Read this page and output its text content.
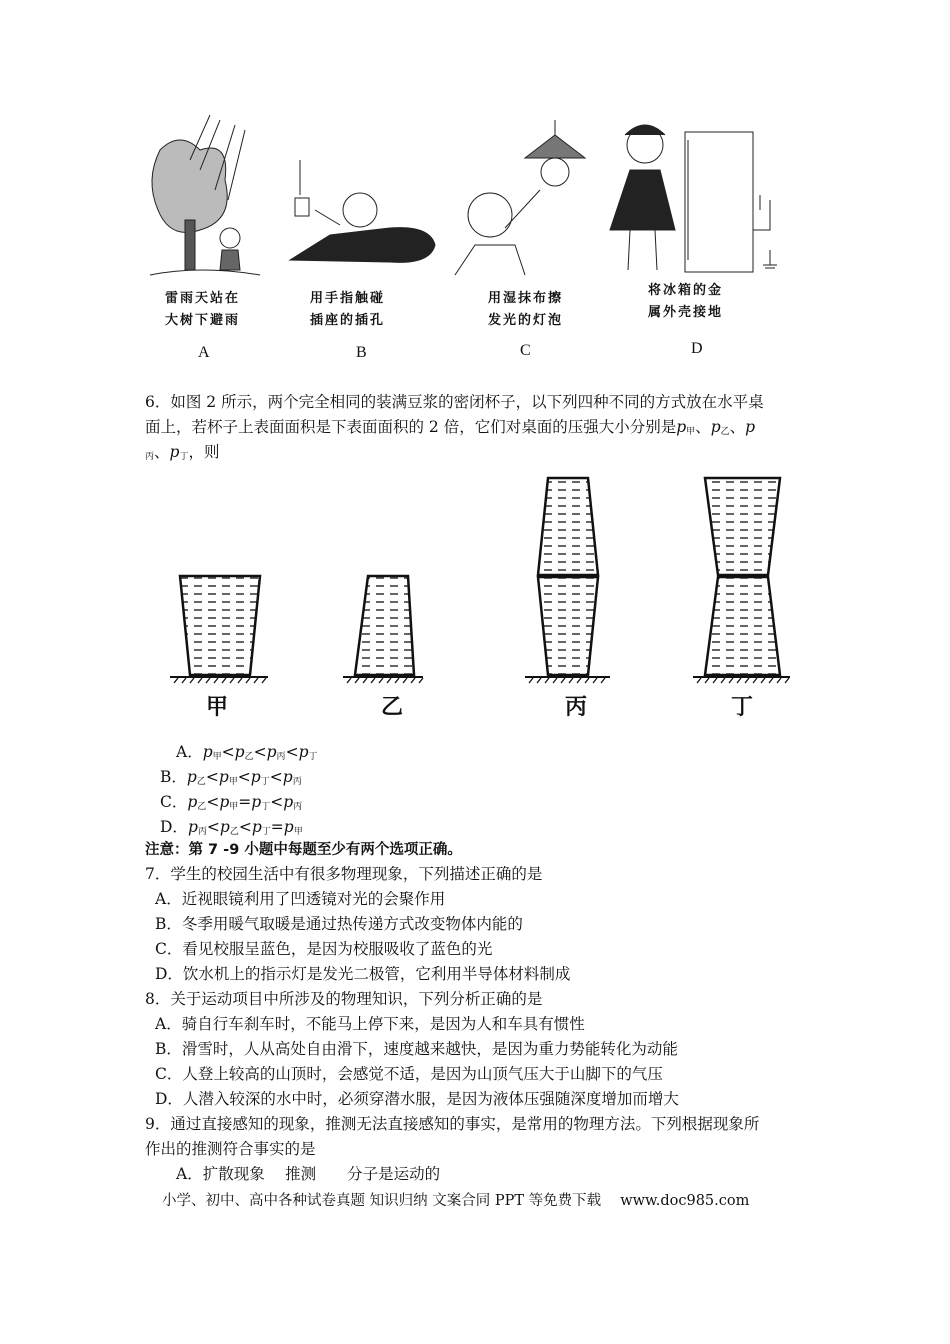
雷雨天站在
大树下避雨
用手指触碰
插座的插孔
用湿抹布擦
发光的灯泡
将冰箱的金
属外壳接地
A	B	C	D
6．如图 2 所示，两个完全相同的装满豆浆的密闭杯子，以下列四种不同的方式放在水平桌
面上，若杯子上表面面积是下表面面积的 2 倍，它们对桌面的压强大小分别是$p_甲$、$p_乙$、p
$_丙$、$p_丁$，则
甲	乙	丙	丁
A．$p_甲<p_乙<p_丙<p_丁$
B．$p_乙<p_甲<p_丁<p_丙$
C．$p_乙<p_甲=p_丁<p_丙$
D．$p_丙<p_乙<p_丁=p_甲$
注意：第 7 -9 小题中每题至少有两个选项正确。
7．学生的校园生活中有很多物理现象，下列描述正确的是
A．近视眼镜利用了凹透镜对光的会聚作用
B．冬季用暖气取暖是通过热传递方式改变物体内能的
C．看见校服呈蓝色，是因为校服吸收了蓝色的光
D．饮水机上的指示灯是发光二极管，它利用半导体材料制成
8．关于运动项目中所涉及的物理知识，下列分析正确的是
A．骑自行车刹车时，不能马上停下来，是因为人和车具有惯性
B．滑雪时，人从高处自由滑下，速度越来越快，是因为重力势能转化为动能
C．人登上较高的山顶时，会感觉不适，是因为山顶气压大于山脚下的气压
D．人潜入较深的水中时，必须穿潜水服，是因为液体压强随深度增加而增大
9．通过直接感知的现象，推测无法直接感知的事实，是常用的物理方法。下列根据现象所
作出的推测符合事实的是
A．扩散现象　 推测　　分子是运动的
小学、初中、高中各种试卷真题 知识归纳 文案合同 PPT 等免费下载　 www.doc985.com
